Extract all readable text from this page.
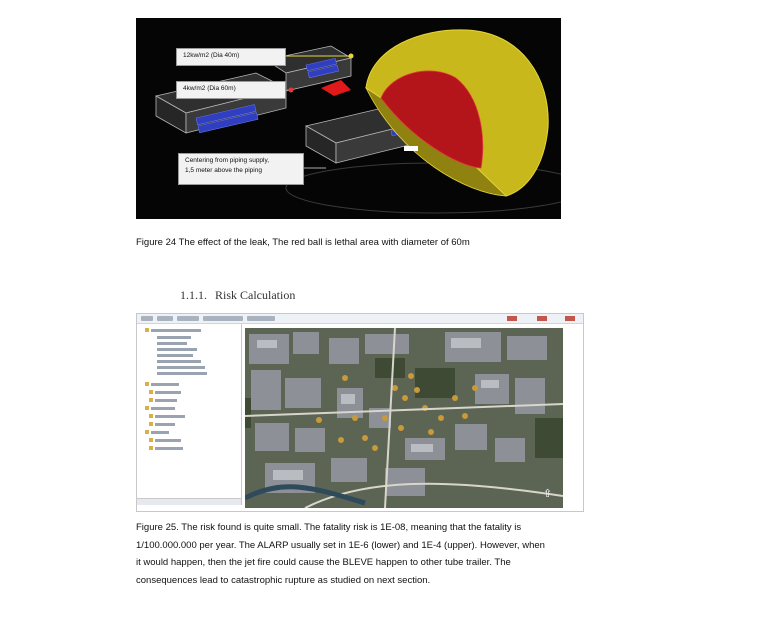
12kw/m2 (Dia 40m)
4kw/m2 (Dia 60m)
Centering from piping supply,
1,5 meter above the piping
Figure 24 The effect of the leak, The red ball is lethal area with diameter of 60m
1.1.1. Risk Calculation
⇧
Figure 25. The risk found is quite small. The fatality risk is 1E-08, meaning that the fatality is
1/100.000.000 per year. The ALARP usually set in 1E-6 (lower) and 1E-4 (upper). However, when
it would happen, then the jet fire could cause the BLEVE happen to other tube trailer. The
consequences lead to catastrophic rupture as studied on next section.
